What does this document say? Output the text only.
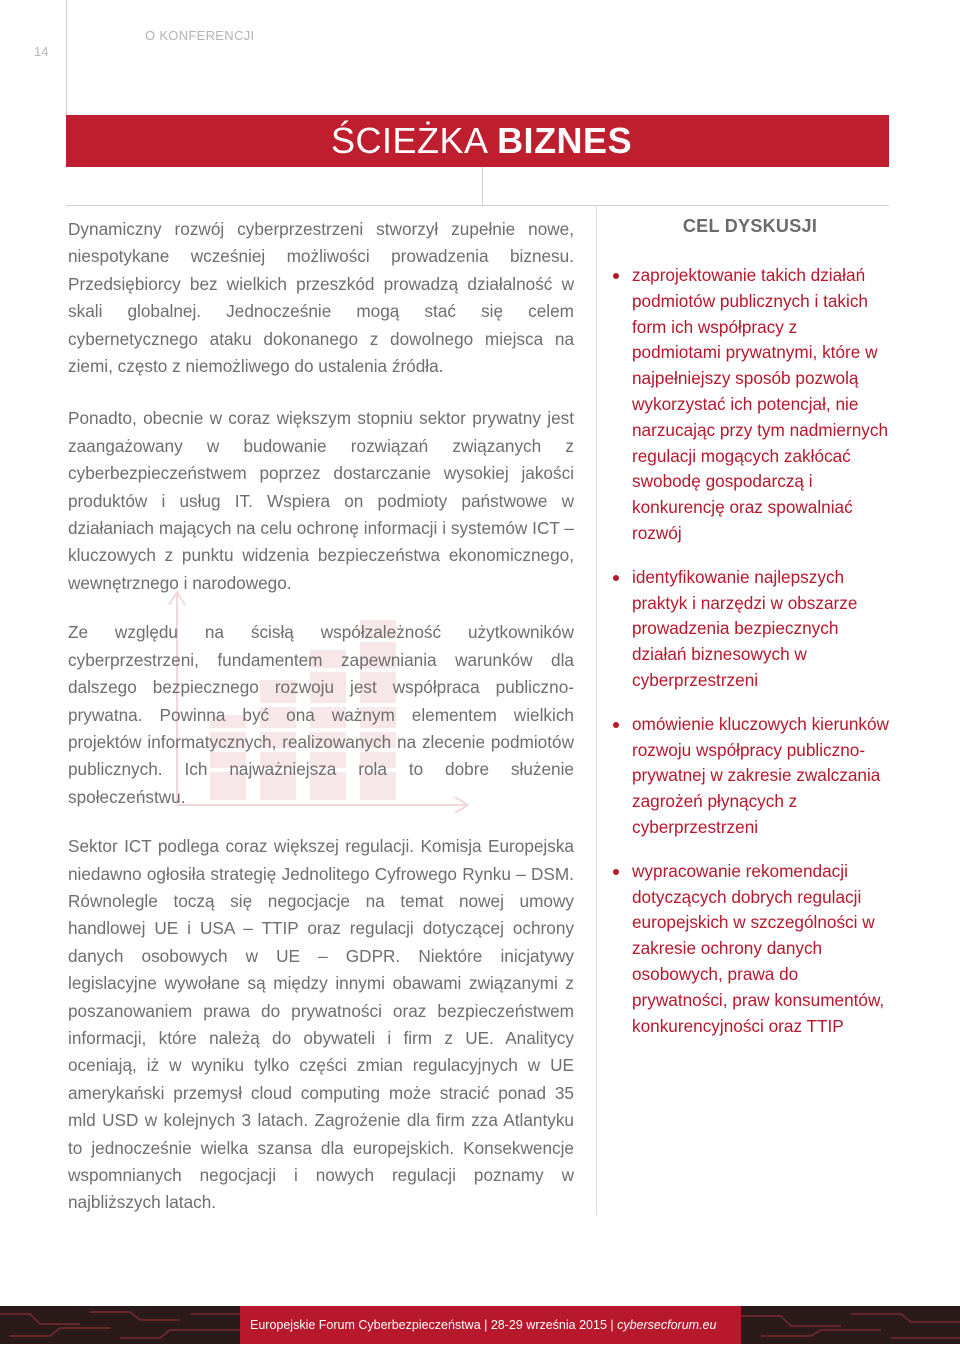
14
O KONFERENCJI
ŚCIEŻKA BIZNES

Dynamiczny rozwój cyberprzestrzeni stworzył zupełnie nowe, niespotykane wcześniej możliwości prowadzenia biznesu. Przedsiębiorcy bez wielkich przeszkód prowadzą działalność w skali globalnej. Jednocześnie mogą stać się celem cybernetycznego ataku dokonanego z dowolnego miejsca na ziemi, często z niemożliwego do ustalenia źródła.

Ponadto, obecnie w coraz większym stopniu sektor prywatny jest zaangażowany w budowanie rozwiązań związanych z cyberbezpieczeństwem poprzez dostarczanie wysokiej jakości produktów i usług IT. Wspiera on podmioty państwowe w działaniach mających na celu ochronę informacji i systemów ICT – kluczowych z punktu widzenia bezpieczeństwa ekonomicznego, wewnętrznego i narodowego.

Ze względu na ścisłą współzależność użytkowników cyberprzestrzeni, fundamentem zapewniania warunków dla dalszego bezpiecznego rozwoju jest współpraca publiczno-prywatna. Powinna być ona ważnym elementem wielkich projektów informatycznych, realizowanych na zlecenie podmiotów publicznych. Ich najważniejsza rola to dobre służenie społeczeństwu.

Sektor ICT podlega coraz większej regulacji. Komisja Europejska niedawno ogłosiła strategię Jednolitego Cyfrowego Rynku – DSM. Równolegle toczą się negocjacje na temat nowej umowy handlowej UE i USA – TTIP oraz regulacji dotyczącej ochrony danych osobowych w UE – GDPR. Niektóre inicjatywy legislacyjne wywołane są między innymi obawami związanymi z poszanowaniem prawa do prywatności oraz bezpieczeństwem informacji, które należą do obywateli i firm z UE. Analitycy oceniają, iż w wyniku tylko części zmian regulacyjnych w UE amerykański przemysł cloud computing może stracić ponad 35 mld USD w kolejnych 3 latach. Zagrożenie dla firm zza Atlantyku to jednocześnie wielka szansa dla europejskich. Konsekwencje wspomnianych negocjacji i nowych regulacji poznamy w najbliższych latach.

CEL DYSKUSJI
zaprojektowanie takich działań podmiotów publicznych i takich form ich współpracy z podmiotami prywatnymi, które w najpełniejszy sposób pozwolą wykorzystać ich potencjał, nie narzucając przy tym nadmiernych regulacji mogących zakłócać swobodę gospodarczą i konkurencję oraz spowalniać rozwój
identyfikowanie najlepszych praktyk i narzędzi w obszarze prowadzenia bezpiecznych działań biznesowych w cyberprzestrzeni
omówienie kluczowych kierunków rozwoju współpracy publiczno-prywatnej w zakresie zwalczania zagrożeń płynących z cyberprzestrzeni
wypracowanie rekomendacji dotyczących dobrych regulacji europejskich w szczególności w zakresie ochrony danych osobowych, prawa do prywatności, praw konsumentów, konkurencyjności oraz TTIP
Europejskie Forum Cyberbezpieczeństwa | 28-29 września 2015 | cybersecforum.eu
